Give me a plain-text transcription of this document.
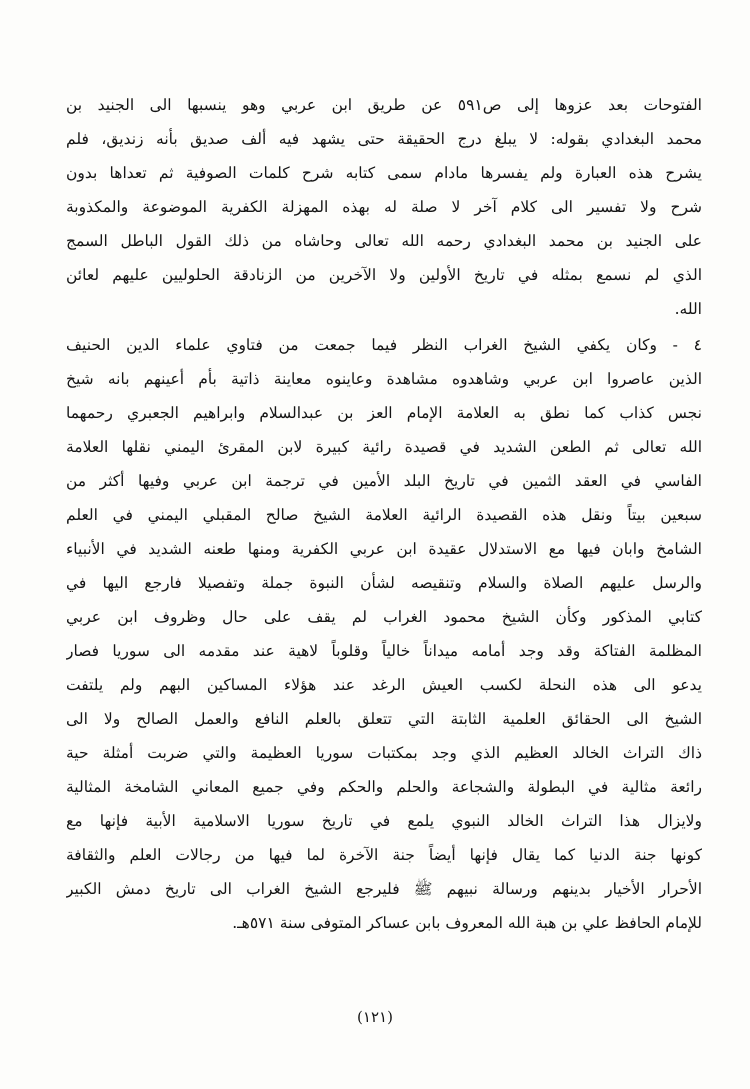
الفتوحات بعد عزوها إلى ص٥٩١ عن طريق ابن عربي وهو ينسبها الى الجنيد بن
محمد البغدادي بقوله: لا يبلغ درج الحقيقة حتى يشهد فيه ألف صديق بأنه زنديق، فلم
يشرح هذه العبارة ولم يفسرها مادام سمى كتابه شرح كلمات الصوفية ثم تعداها بدون
شرح ولا تفسير الى كلام آخر لا صلة له بهذه المهزلة الكفرية الموضوعة والمكذوبة
على الجنيد بن محمد البغدادي رحمه الله تعالى وحاشاه من ذلك القول الباطل السمج
الذي لم نسمع بمثله في تاريخ الأولين ولا الآخرين من الزنادقة الحلوليين عليهم لعائن
الله.
٤ - وكان يكفي الشيخ الغراب النظر فيما جمعت من فتاوي علماء الدين الحنيف
الذين عاصروا ابن عربي وشاهدوه مشاهدة وعاينوه معاينة ذاتية بأم أعينهم بانه شيخ
نجس كذاب كما نطق به العلامة الإمام العز بن عبدالسلام وابراهيم الجعبري رحمهما
الله تعالى ثم الطعن الشديد في قصيدة رائية كبيرة لابن المقرئ اليمني نقلها العلامة
الفاسي في العقد الثمين في تاريخ البلد الأمين في ترجمة ابن عربي وفيها أكثر من
سبعين بيتاً ونقل هذه القصيدة الرائية العلامة الشيخ صالح المقبلي اليمني في العلم
الشامخ وابان فيها مع الاستدلال عقيدة ابن عربي الكفرية ومنها طعنه الشديد في الأنبياء
والرسل عليهم الصلاة والسلام وتنقيصه لشأن النبوة جملة وتفصيلا فارجع اليها في
كتابي المذكور وكأن الشيخ محمود الغراب لم يقف على حال وظروف ابن عربي
المظلمة الفتاكة وقد وجد أمامه ميداناً خالياً وقلوباً لاهية عند مقدمه الى سوريا فصار
يدعو الى هذه النحلة لكسب العيش الرغد عند هؤلاء المساكين البهم ولم يلتفت
الشيخ الى الحقائق العلمية الثابتة التي تتعلق بالعلم النافع والعمل الصالح ولا الى
ذاك التراث الخالد العظيم الذي وجد بمكتبات سوريا العظيمة والتي ضربت أمثلة حية
رائعة مثالية في البطولة والشجاعة والحلم والحكم وفي جميع المعاني الشامخة المثالية
ولايزال هذا التراث الخالد النبوي يلمع في تاريخ سوريا الاسلامية الأبية فإنها مع
كونها جنة الدنيا كما يقال فإنها أيضاً جنة الآخرة لما فيها من رجالات العلم والثقافة
الأحرار الأخيار بدينهم ورسالة نبيهم ﷺ فليرجع الشيخ الغراب الى تاريخ دمش الكبير
للإمام الحافظ علي بن هبة الله المعروف بابن عساكر المتوفى سنة ٥٧١هـ.
(١٢١)
